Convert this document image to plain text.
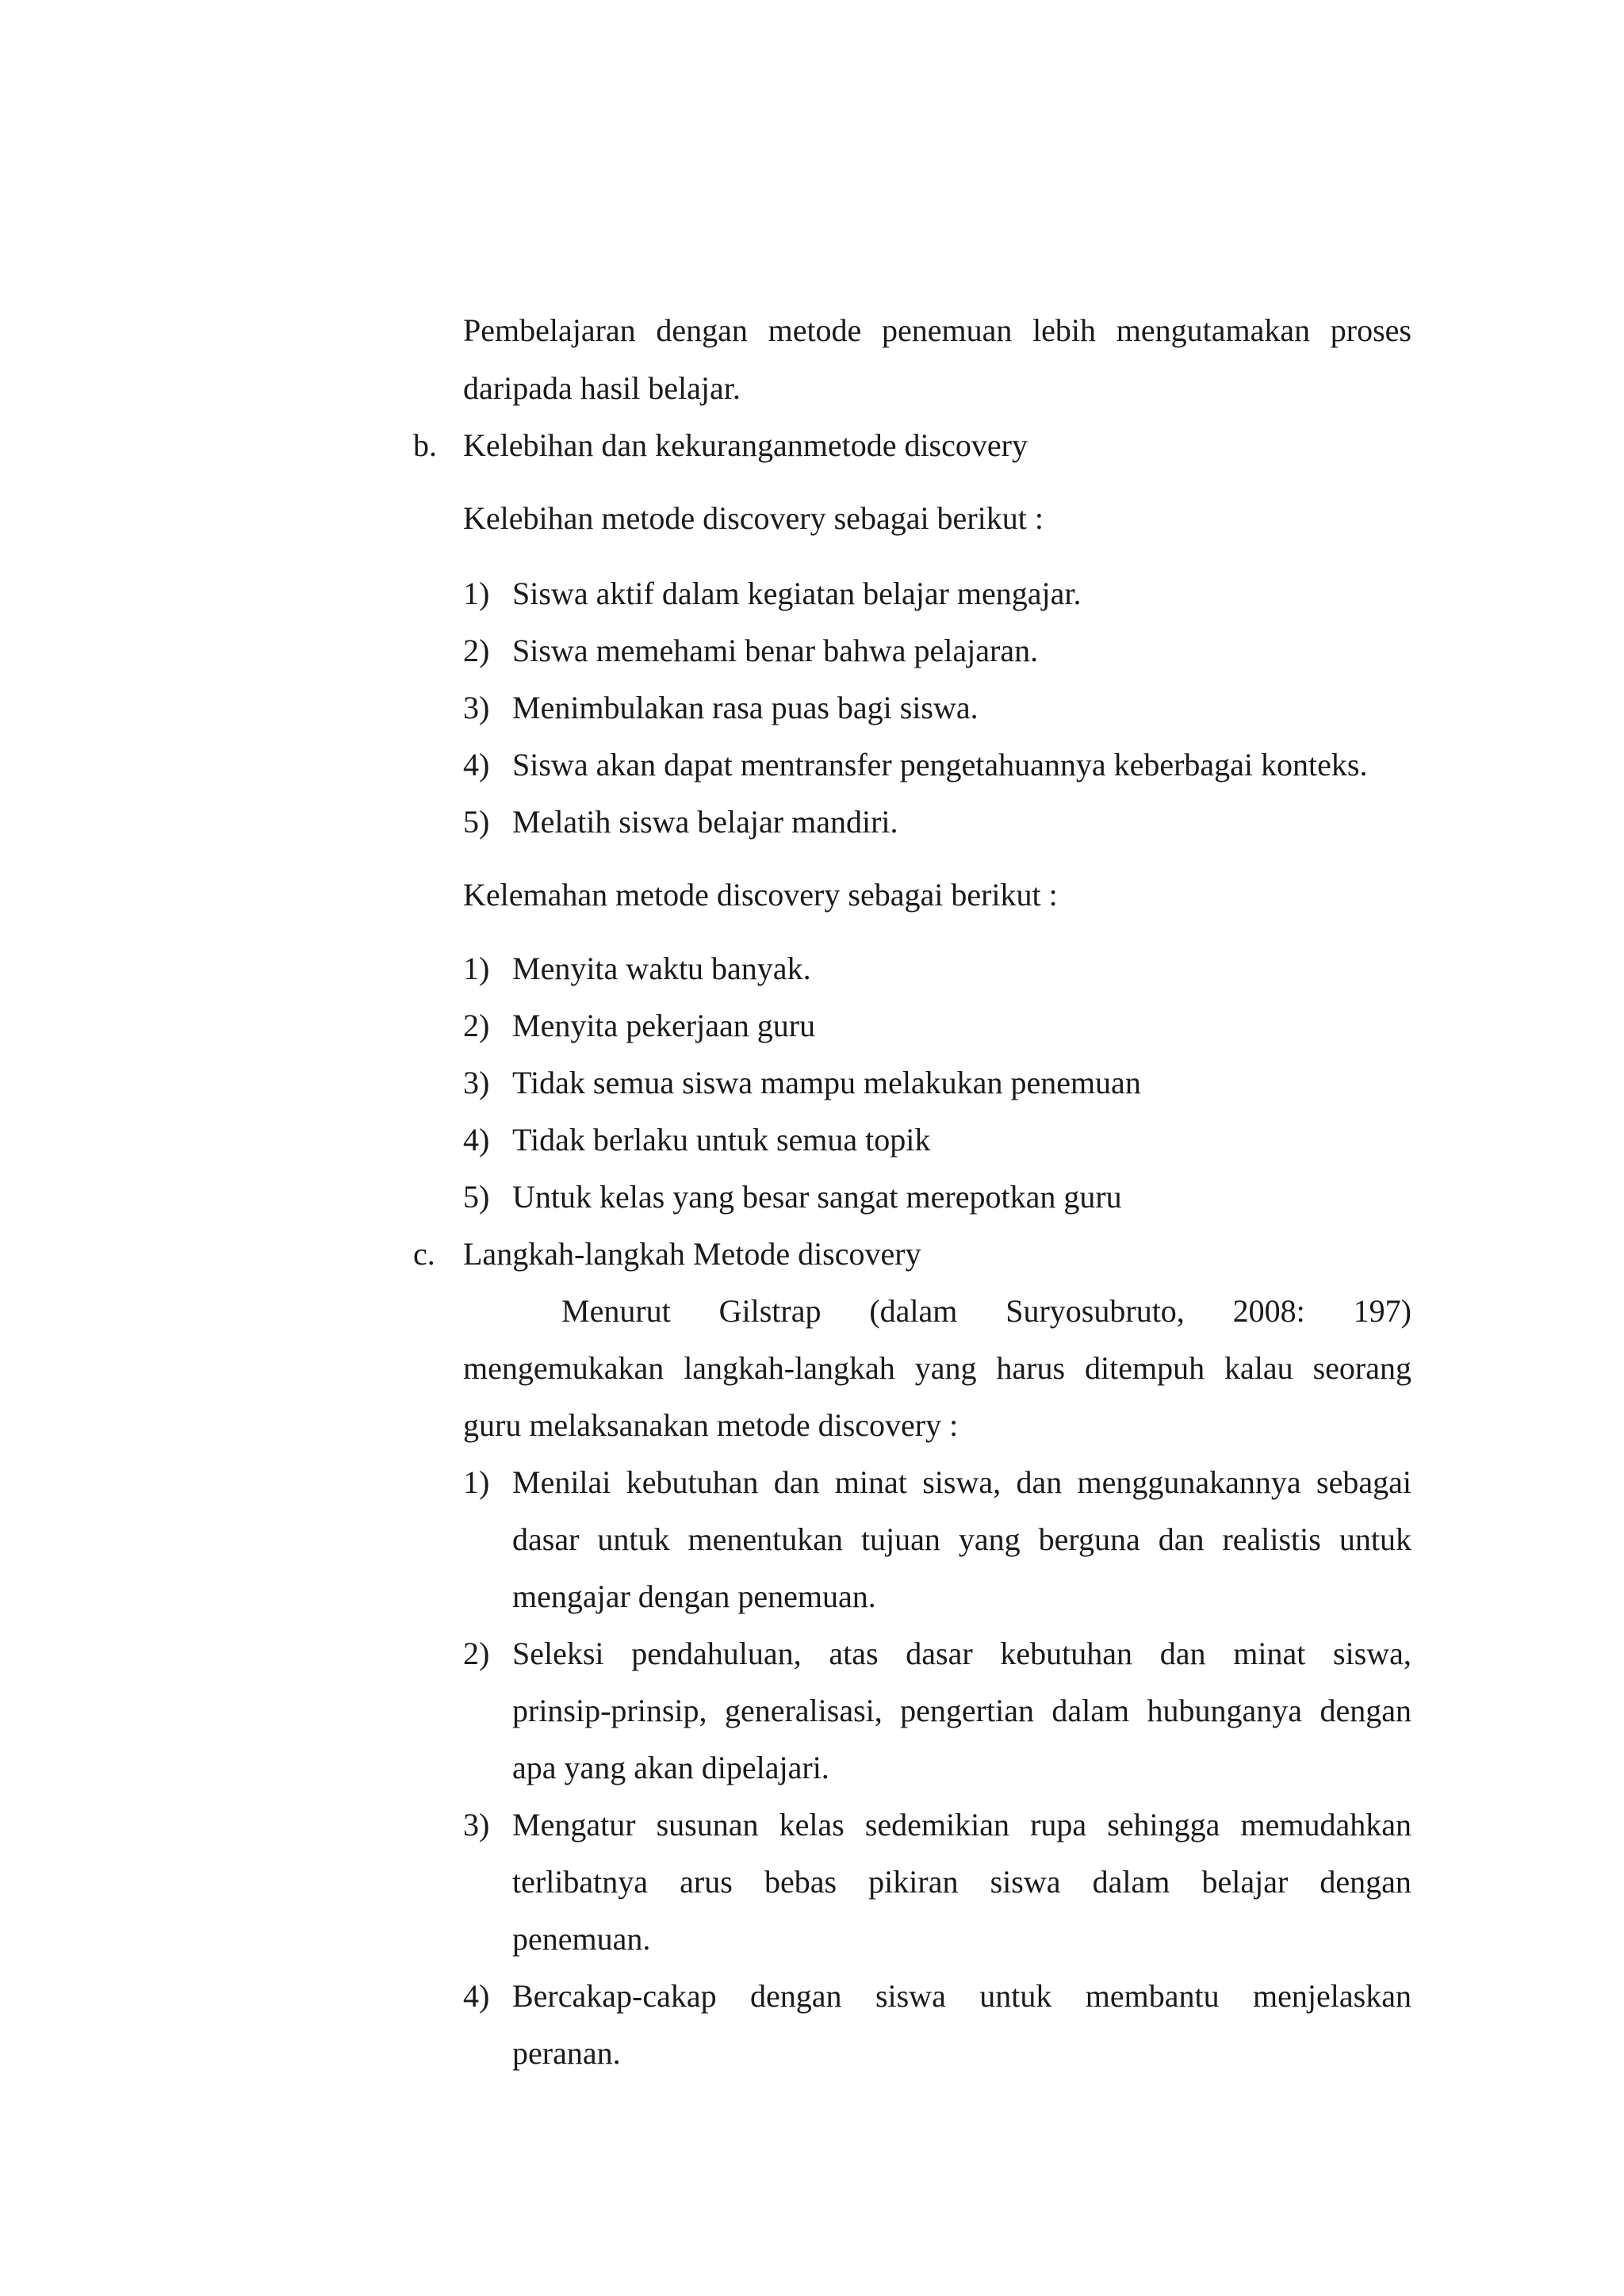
Pembelajaran dengan metode penemuan lebih mengutamakan proses
daripada hasil belajar.
b. Kelebihan dan kekuranganmetode discovery
Kelebihan metode discovery sebagai berikut :
1) Siswa aktif dalam kegiatan belajar mengajar.
2) Siswa memehami benar bahwa pelajaran.
3) Menimbulakan rasa puas bagi siswa.
4) Siswa akan dapat mentransfer pengetahuannya keberbagai konteks.
5) Melatih siswa belajar mandiri.
Kelemahan metode discovery sebagai berikut :
1) Menyita waktu banyak.
2) Menyita pekerjaan guru
3) Tidak semua siswa mampu melakukan penemuan
4) Tidak berlaku untuk semua topik
5) Untuk kelas yang besar sangat merepotkan guru
c. Langkah-langkah Metode discovery
Menurut Gilstrap (dalam Suryosubruto, 2008: 197)
mengemukakan langkah-langkah yang harus ditempuh kalau seorang
guru melaksanakan metode discovery :
1) Menilai kebutuhan dan minat siswa, dan menggunakannya sebagai
dasar untuk menentukan tujuan yang berguna dan realistis untuk
mengajar dengan penemuan.
2) Seleksi pendahuluan, atas dasar kebutuhan dan minat siswa,
prinsip-prinsip, generalisasi, pengertian dalam hubunganya dengan
apa yang akan dipelajari.
3) Mengatur susunan kelas sedemikian rupa sehingga memudahkan
terlibatnya arus bebas pikiran siswa dalam belajar dengan
penemuan.
4) Bercakap-cakap dengan siswa untuk membantu menjelaskan
peranan.
